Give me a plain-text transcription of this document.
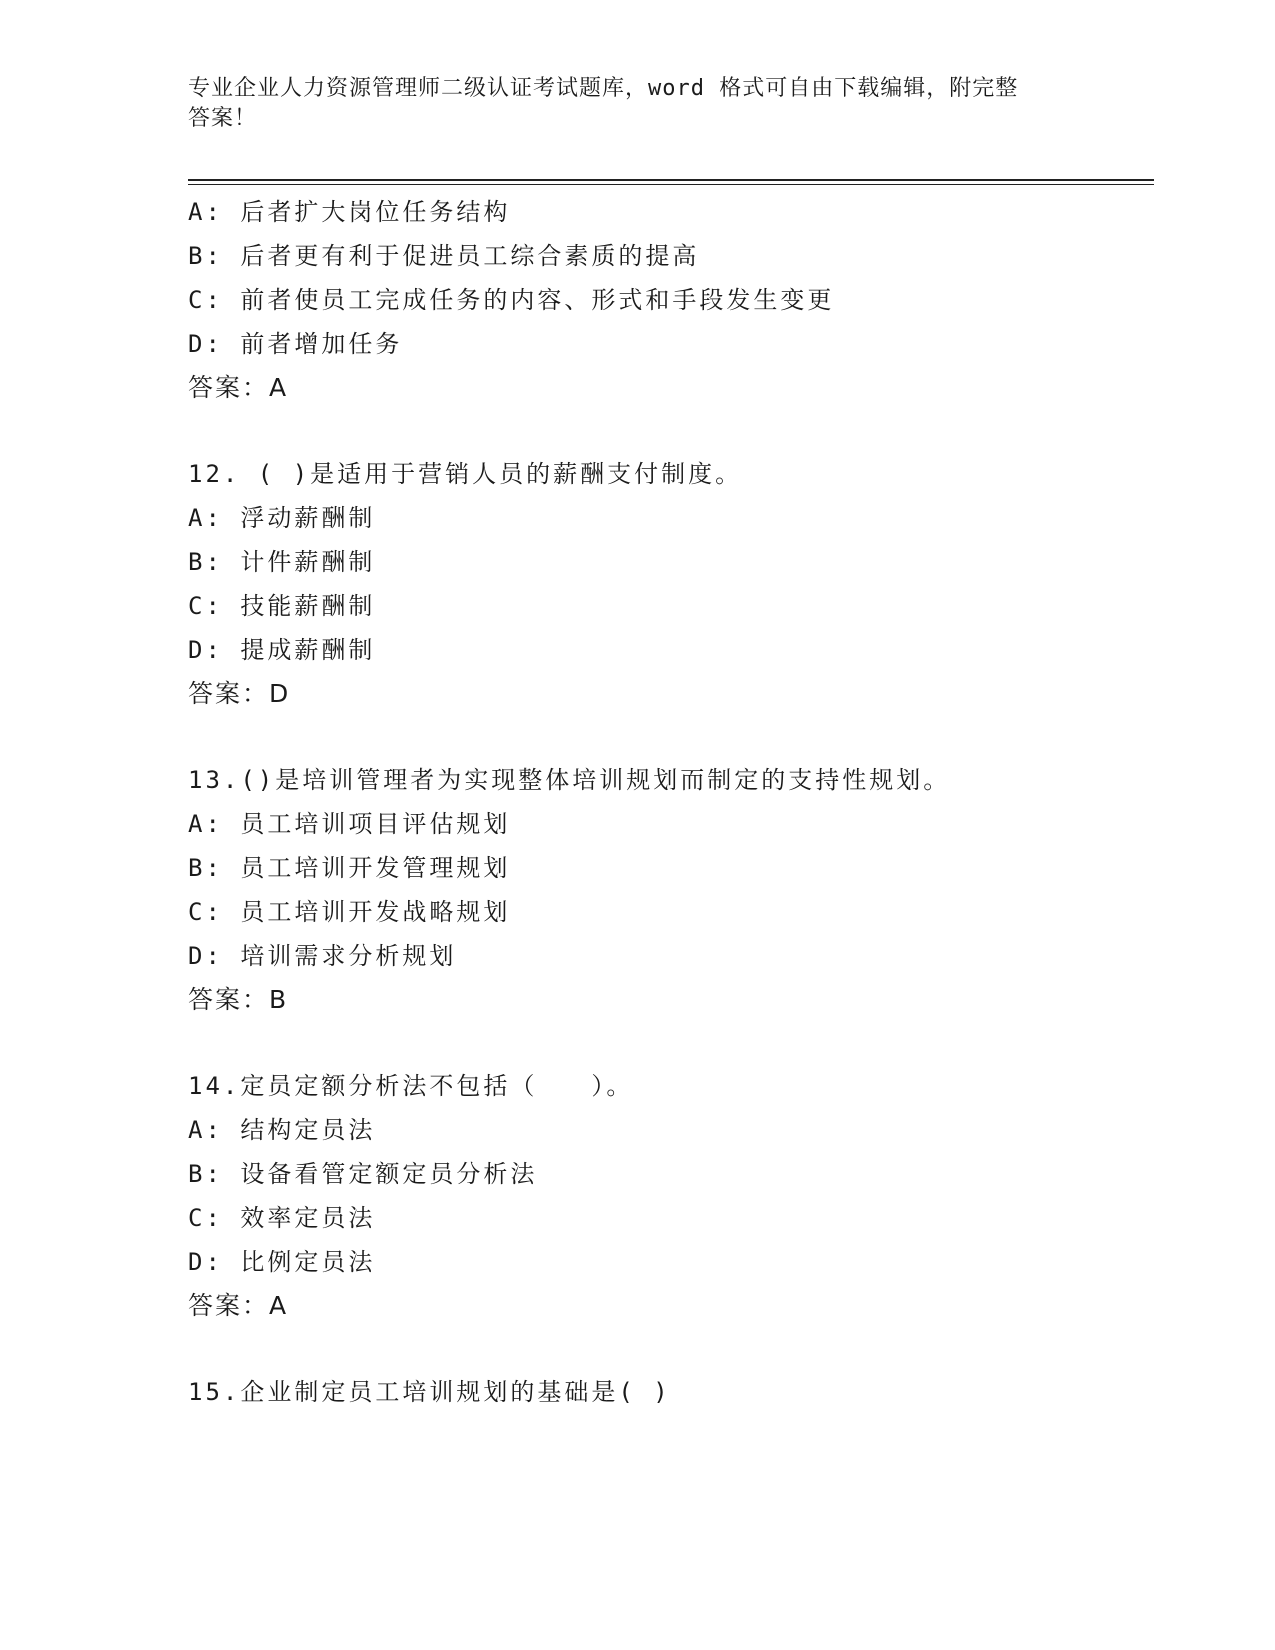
专业企业人力资源管理师二级认证考试题库，word 格式可自由下载编辑，附完整
答案！
A: 后者扩大岗位任务结构
B: 后者更有利于促进员工综合素质的提高
C: 前者使员工完成任务的内容、形式和手段发生变更
D: 前者增加任务
答案：A
12. ( )是适用于营销人员的薪酬支付制度。
A: 浮动薪酬制
B: 计件薪酬制
C: 技能薪酬制
D: 提成薪酬制
答案：D
13.()是培训管理者为实现整体培训规划而制定的支持性规划。
A: 员工培训项目评估规划
B: 员工培训开发管理规划
C: 员工培训开发战略规划
D: 培训需求分析规划
答案：B
14.定员定额分析法不包括（　　）。
A: 结构定员法
B: 设备看管定额定员分析法
C: 效率定员法
D: 比例定员法
答案：A
15.企业制定员工培训规划的基础是( )
